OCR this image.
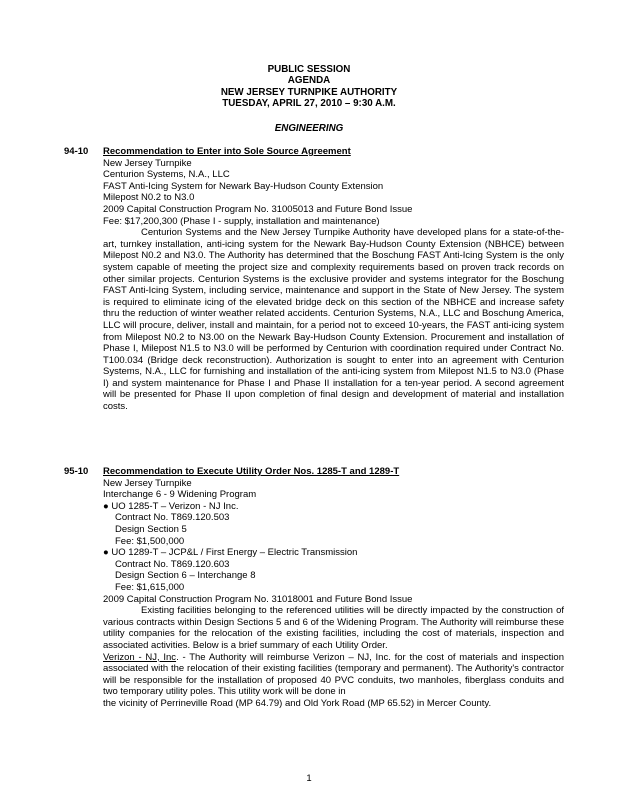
PUBLIC SESSION
AGENDA
NEW JERSEY TURNPIKE AUTHORITY
TUESDAY, APRIL 27, 2010 – 9:30 A.M.
ENGINEERING
94-10	Recommendation to Enter into Sole Source Agreement
New Jersey Turnpike
Centurion Systems, N.A., LLC
FAST Anti-Icing System for Newark Bay-Hudson County Extension
Milepost N0.2 to N3.0
2009 Capital Construction Program No. 31005013 and Future Bond Issue
Fee: $17,200,300 (Phase I - supply, installation and maintenance)
Centurion Systems and the New Jersey Turnpike Authority have developed plans for a state-of-the-art, turnkey installation, anti-icing system for the Newark Bay-Hudson County Extension (NBHCE) between Milepost N0.2 and N3.0. The Authority has determined that the Boschung FAST Anti-Icing System is the only system capable of meeting the project size and complexity requirements based on proven track records on other similar projects. Centurion Systems is the exclusive provider and systems integrator for the Boschung FAST Anti-Icing System, including service, maintenance and support in the State of New Jersey. The system is required to eliminate icing of the elevated bridge deck on this section of the NBHCE and increase safety thru the reduction of winter weather related accidents. Centurion Systems, N.A., LLC and Boschung America, LLC will procure, deliver, install and maintain, for a period not to exceed 10-years, the FAST anti-icing system from Milepost N0.2 to N3.00 on the Newark Bay-Hudson County Extension. Procurement and installation of Phase I, Milepost N1.5 to N3.0 will be performed by Centurion with coordination required under Contract No. T100.034 (Bridge deck reconstruction). Authorization is sought to enter into an agreement with Centurion Systems, N.A., LLC for furnishing and installation of the anti-icing system from Milepost N1.5 to N3.0 (Phase I) and system maintenance for Phase I and Phase II installation for a ten-year period. A second agreement will be presented for Phase II upon completion of final design and development of material and installation costs.
95-10	Recommendation to Execute Utility Order Nos. 1285-T and 1289-T
New Jersey Turnpike
Interchange 6 - 9 Widening Program
● UO 1285-T – Verizon - NJ Inc.
Contract No. T869.120.503
Design Section 5
Fee: $1,500,000
● UO 1289-T – JCP&L / First Energy – Electric Transmission
Contract No. T869.120.603
Design Section 6 – Interchange 8
Fee: $1,615,000
2009 Capital Construction Program No. 31018001 and Future Bond Issue
Existing facilities belonging to the referenced utilities will be directly impacted by the construction of various contracts within Design Sections 5 and 6 of the Widening Program. The Authority will reimburse these utility companies for the relocation of the existing facilities, including the cost of materials, inspection and associated activities. Below is a brief summary of each Utility Order.
Verizon - NJ, Inc. - The Authority will reimburse Verizon – NJ, Inc. for the cost of materials and inspection associated with the relocation of their existing facilities (temporary and permanent). The Authority's contractor will be responsible for the installation of proposed 40 PVC conduits, two manholes, fiberglass conduits and two temporary utility poles. This utility work will be done in
the vicinity of Perrineville Road (MP 64.79) and Old York Road (MP 65.52) in Mercer County.
1
